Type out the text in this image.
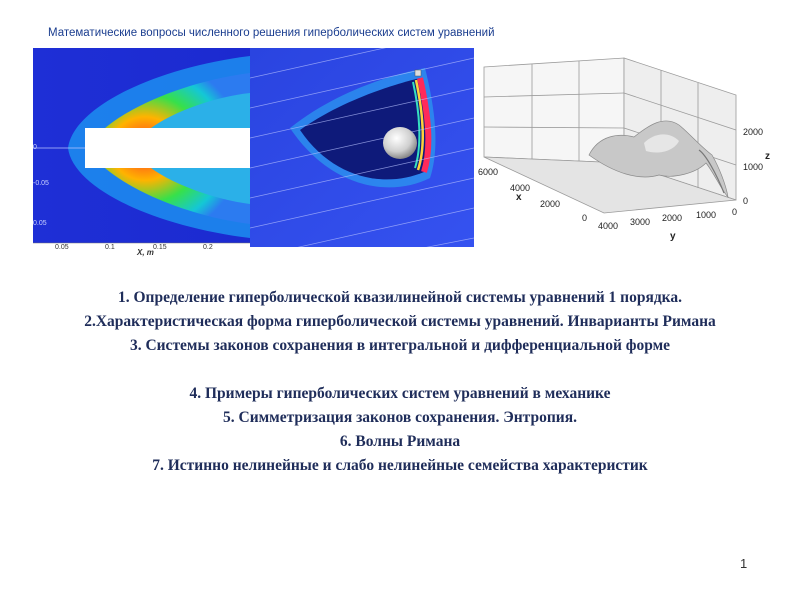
Математические вопросы численного решения гиперболических систем уравнений
0.05	0.1	0.15	0.2
X, m
-0.05
0
0.05
2000
1000
0
z
6000
4000
2000
0
x
4000 3000 2000 1000 0
y
1. Определение гиперболической квазилинейной системы уравнений 1 порядка.
2.Характеристическая форма гиперболической системы уравнений. Инварианты Римана
3. Системы законов сохранения в интегральной и дифференциальной форме
4. Примеры гиперболических систем уравнений в механике
5. Симметризация законов сохранения. Энтропия.
6. Волны Римана
7. Истинно нелинейные и слабо нелинейные семейства характеристик
1
